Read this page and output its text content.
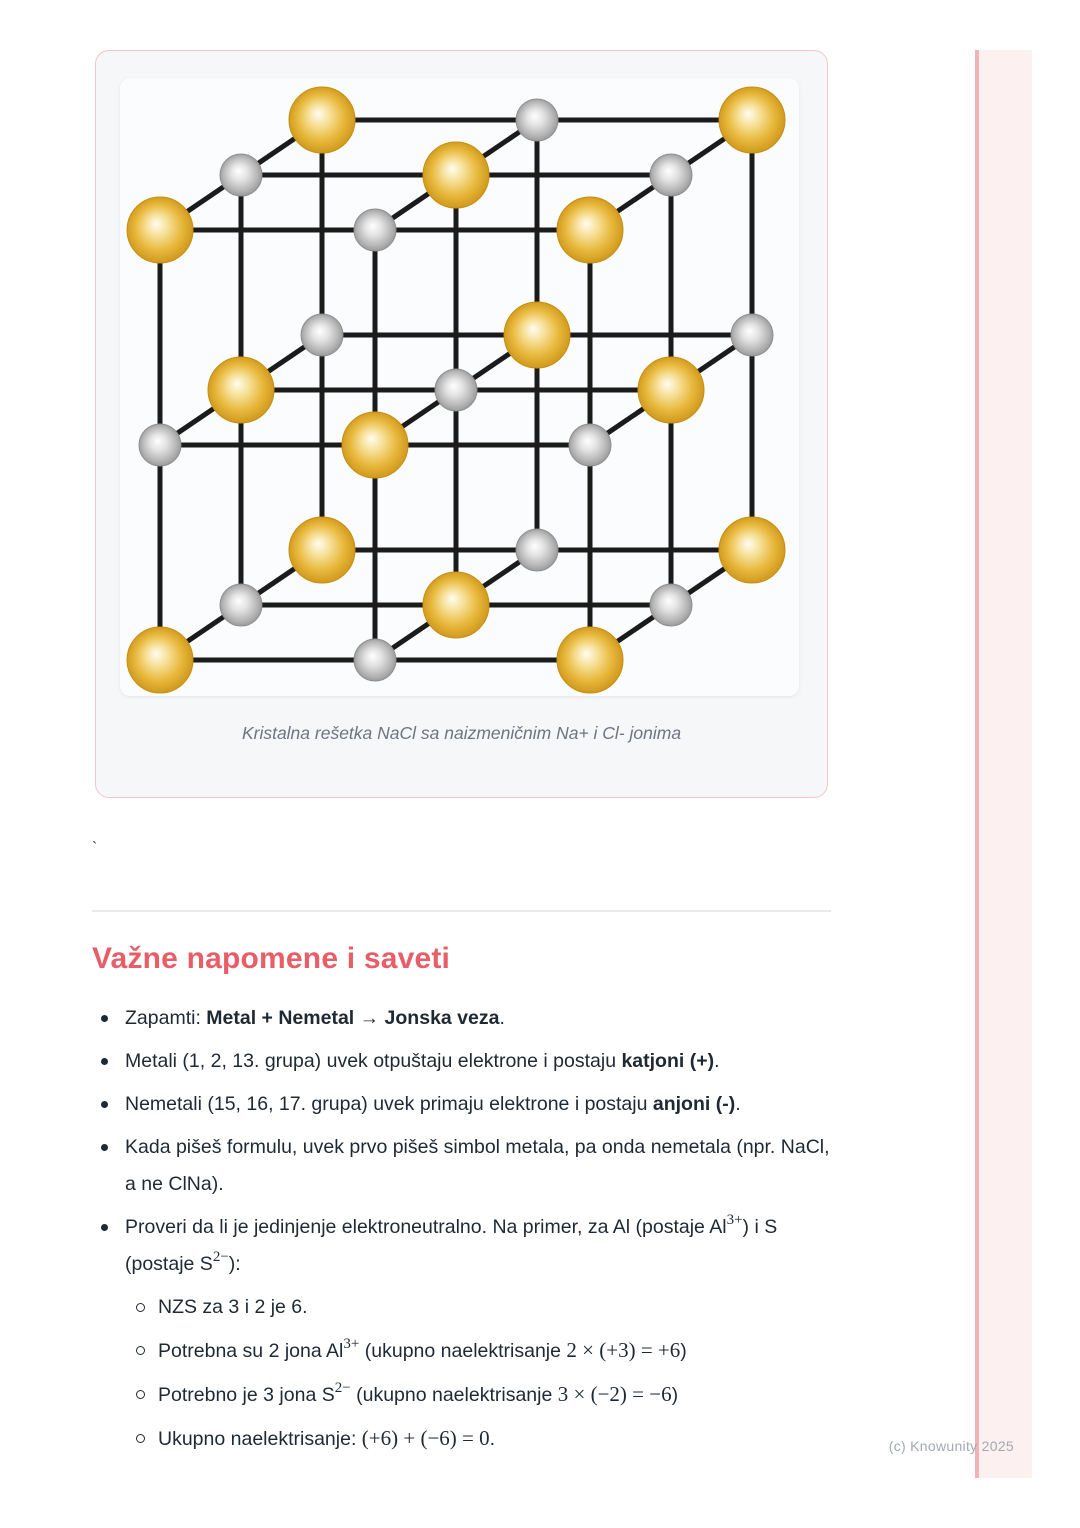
Kristalna rešetka NaCl sa naizmeničnim Na+ i Cl- jonima
`
Važne napomene i saveti
Zapamti: Metal + Nemetal → Jonska veza.
Metali (1, 2, 13. grupa) uvek otpuštaju elektrone i postaju katjoni (+).
Nemetali (15, 16, 17. grupa) uvek primaju elektrone i postaju anjoni (-).
Kada pišeš formulu, uvek prvo pišeš simbol metala, pa onda nemetala (npr. NaCl, a ne ClNa).
Proveri da li je jedinjenje elektroneutralno. Na primer, za Al (postaje $Al^{3+}$) i S (postaje $S^{2-}$):
NZS za 3 i 2 je 6.
Potrebna su 2 jona $Al^{3+}$ (ukupno naelektrisanje 2 × (+3) = +6)
Potrebno je 3 jona $S^{2-}$ (ukupno naelektrisanje 3 × (−2) = −6)
Ukupno naelektrisanje: (+6) + (−6) = 0.	(c) Knowunity 2025
